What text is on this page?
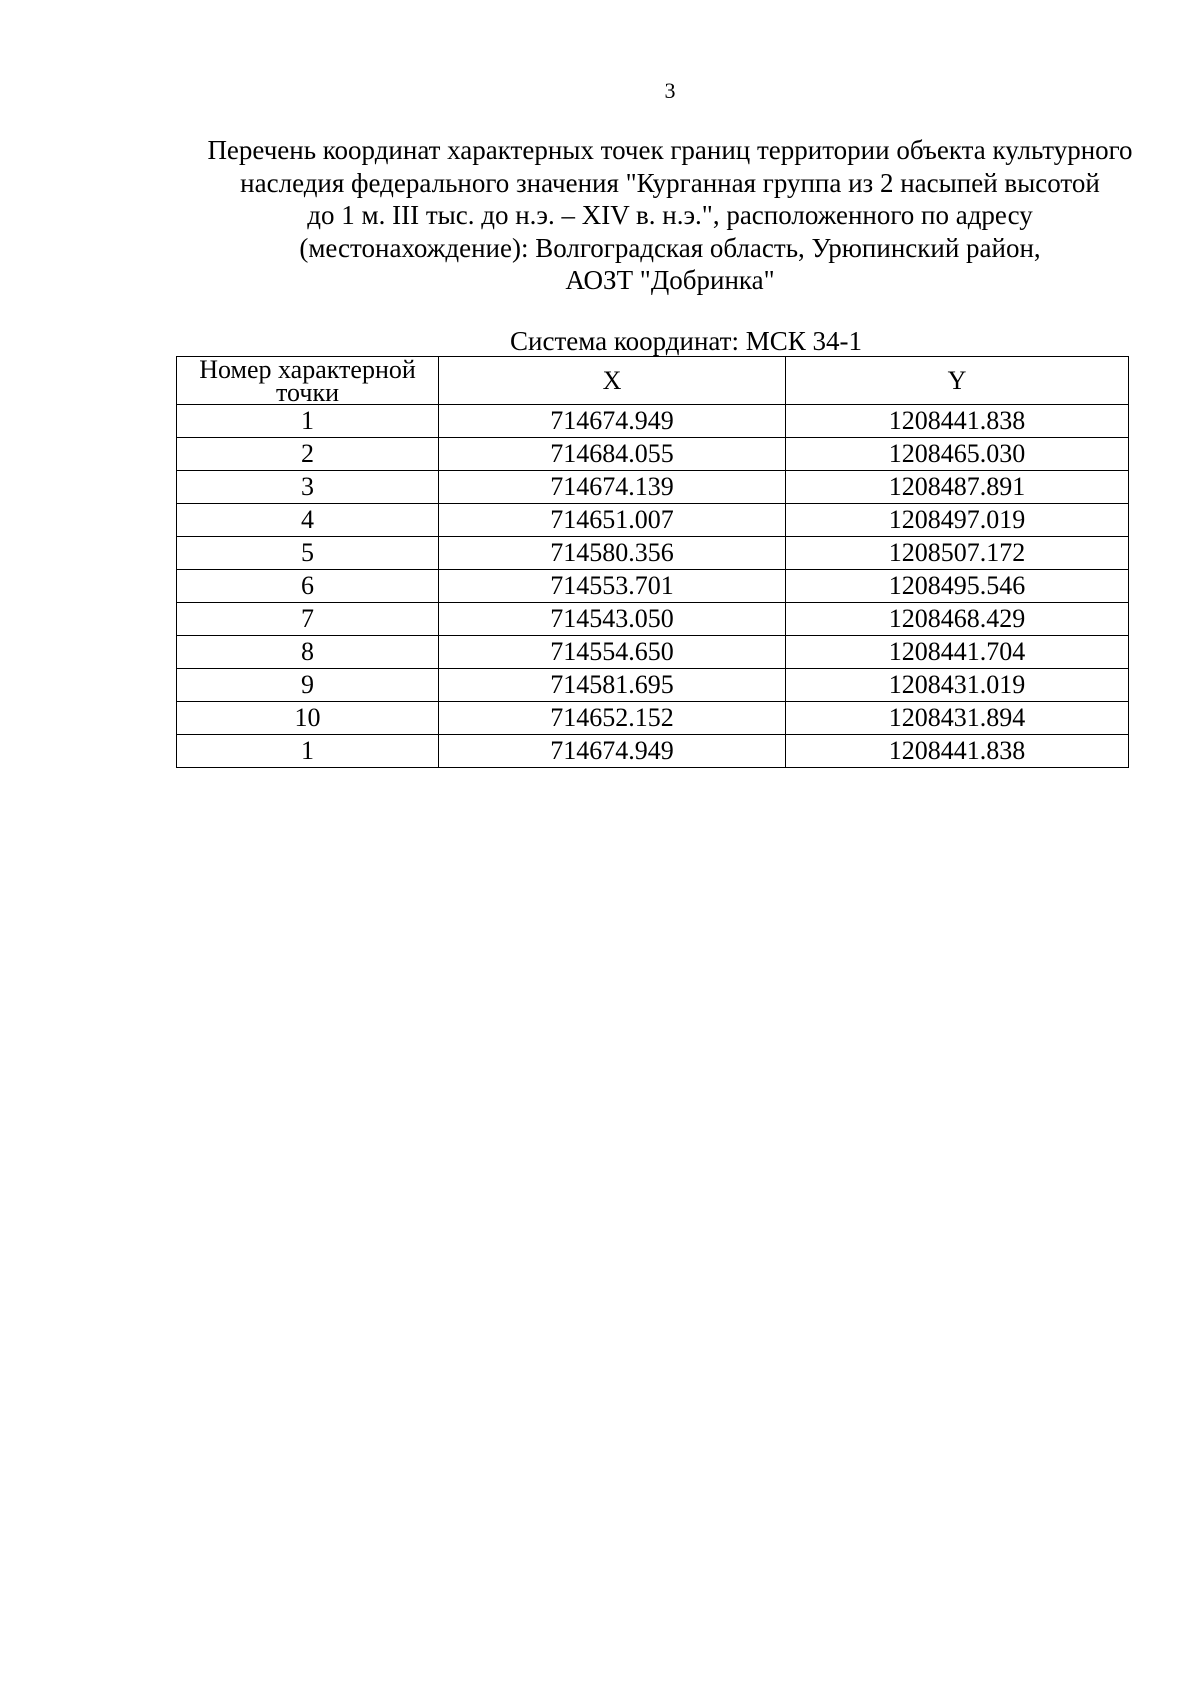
3
Перечень координат характерных точек границ территории объекта культурного
наследия федерального значения "Курганная группа из 2 насыпей высотой
до 1 м. III тыс. до н.э. – XIV в. н.э.", расположенного по адресу
(местонахождение): Волгоградская область, Урюпинский район,
АОЗТ "Добринка"
Система координат: МСК 34-1
Номер характерной
точки	X	Y
1	714674.949	1208441.838
2	714684.055	1208465.030
3	714674.139	1208487.891
4	714651.007	1208497.019
5	714580.356	1208507.172
6	714553.701	1208495.546
7	714543.050	1208468.429
8	714554.650	1208441.704
9	714581.695	1208431.019
10	714652.152	1208431.894
1	714674.949	1208441.838
